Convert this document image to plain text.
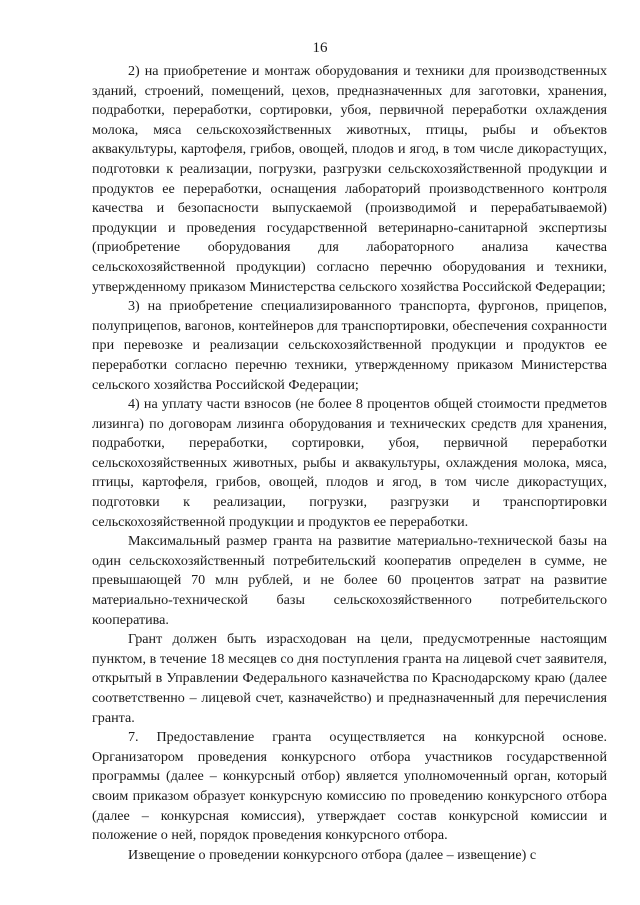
16

2) на приобретение и монтаж оборудования и техники для производственных зданий, строений, помещений, цехов, предназначенных для заготовки, хранения, подработки, переработки, сортировки, убоя, первичной переработки охлаждения молока, мяса сельскохозяйственных животных, птицы, рыбы и объектов аквакультуры, картофеля, грибов, овощей, плодов и ягод, в том числе дикорастущих, подготовки к реализации, погрузки, разгрузки сельскохозяйственной продукции и продуктов ее переработки, оснащения лабораторий производственного контроля качества и безопасности выпускаемой (производимой и перерабатываемой) продукции и проведения государственной ветеринарно-санитарной экспертизы (приобретение оборудования для лабораторного анализа качества сельскохозяйственной продукции) согласно перечню оборудования и техники, утвержденному приказом Министерства сельского хозяйства Российской Федерации;

3) на приобретение специализированного транспорта, фургонов, прицепов, полуприцепов, вагонов, контейнеров для транспортировки, обеспечения сохранности при перевозке и реализации сельскохозяйственной продукции и продуктов ее переработки согласно перечню техники, утвержденному приказом Министерства сельского хозяйства Российской Федерации;

4) на уплату части взносов (не более 8 процентов общей стоимости предметов лизинга) по договорам лизинга оборудования и технических средств для хранения, подработки, переработки, сортировки, убоя, первичной переработки сельскохозяйственных животных, рыбы и аквакультуры, охлаждения молока, мяса, птицы, картофеля, грибов, овощей, плодов и ягод, в том числе дикорастущих, подготовки к реализации, погрузки, разгрузки и транспортировки сельскохозяйственной продукции и продуктов ее переработки.

Максимальный размер гранта на развитие материально-технической базы на один сельскохозяйственный потребительский кооператив определен в сумме, не превышающей 70 млн рублей, и не более 60 процентов затрат на развитие материально-технической базы сельскохозяйственного потребительского кооператива.

Грант должен быть израсходован на цели, предусмотренные настоящим пунктом, в течение 18 месяцев со дня поступления гранта на лицевой счет заявителя, открытый в Управлении Федерального казначейства по Краснодарскому краю (далее соответственно – лицевой счет, казначейство) и предназначенный для перечисления гранта.

7. Предоставление гранта осуществляется на конкурсной основе. Организатором проведения конкурсного отбора участников государственной программы (далее – конкурсный отбор) является уполномоченный орган, который своим приказом образует конкурсную комиссию по проведению конкурсного отбора (далее – конкурсная комиссия), утверждает состав конкурсной комиссии и положение о ней, порядок проведения конкурсного отбора.

Извещение о проведении конкурсного отбора (далее – извещение) с
